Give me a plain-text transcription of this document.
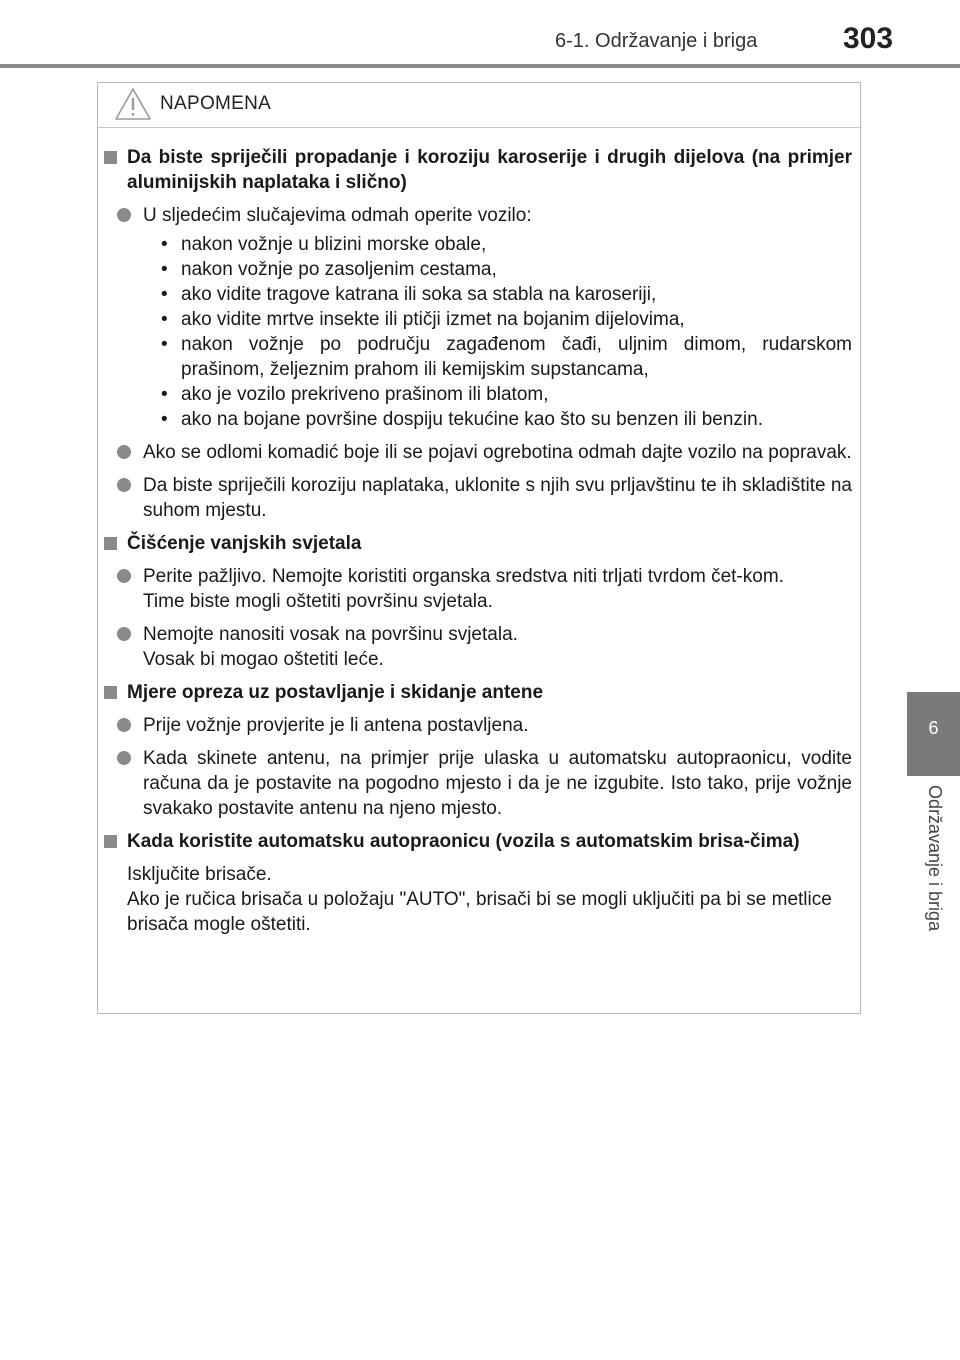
6-1. Održavanje i briga	303
6
Održavanje i briga
NAPOMENA
Da biste spriječili propadanje i koroziju karoserije i drugih dijelova (na primjer aluminijskih naplataka i slično)
U sljedećim slučajevima odmah operite vozilo:
• nakon vožnje u blizini morske obale,
• nakon vožnje po zasoljenim cestama,
• ako vidite tragove katrana ili soka sa stabla na karoseriji,
• ako vidite mrtve insekte ili ptičji izmet na bojanim dijelovima,
• nakon vožnje po području zagađenom čađi, uljnim dimom, rudarskom prašinom, željeznim prahom ili kemijskim supstancama,
• ako je vozilo prekriveno prašinom ili blatom,
• ako na bojane površine dospiju tekućine kao što su benzen ili benzin.
Ako se odlomi komadić boje ili se pojavi ogrebotina odmah dajte vozilo na popravak.
Da biste spriječili koroziju naplataka, uklonite s njih svu prljavštinu te ih skladištite na suhom mjestu.
Čišćenje vanjskih svjetala
Perite pažljivo. Nemojte koristiti organska sredstva niti trljati tvrdom čet-kom.
Time biste mogli oštetiti površinu svjetala.
Nemojte nanositi vosak na površinu svjetala.
Vosak bi mogao oštetiti leće.
Mjere opreza uz postavljanje i skidanje antene
Prije vožnje provjerite je li antena postavljena.
Kada skinete antenu, na primjer prije ulaska u automatsku autopraonicu, vodite računa da je postavite na pogodno mjesto i da je ne izgubite. Isto tako, prije vožnje svakako postavite antenu na njeno mjesto.
Kada koristite automatsku autopraonicu (vozila s automatskim brisa-čima)
Isključite brisače.
Ako je ručica brisača u položaju "AUTO", brisači bi se mogli uključiti pa bi se metlice brisača mogle oštetiti.
